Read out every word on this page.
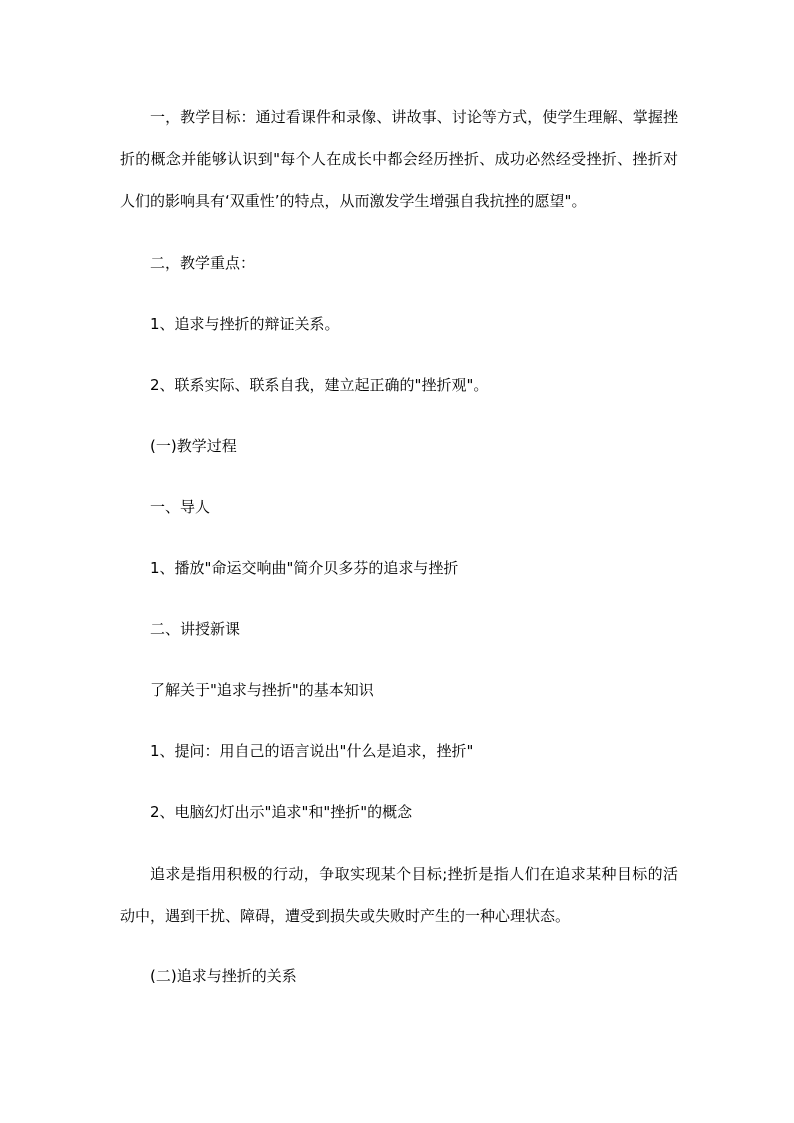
一，教学目标：通过看课件和录像、讲故事、讨论等方式，使学生理解、掌握挫折的概念并能够认识到"每个人在成长中都会经历挫折、成功必然经受挫折、挫折对人们的影响具有‘双重性’的特点，从而激发学生增强自我抗挫的愿望"。

二，教学重点：

1、追求与挫折的辩证关系。

2、联系实际、联系自我，建立起正确的"挫折观"。

(一)教学过程

一、导人

1、播放"命运交响曲"简介贝多芬的追求与挫折

二、讲授新课

了解关于"追求与挫折"的基本知识

1、提问：用自己的语言说出"什么是追求，挫折"

2、电脑幻灯出示"追求"和"挫折"的概念

追求是指用积极的行动，争取实现某个目标;挫折是指人们在追求某种目标的活动中，遇到干扰、障碍，遭受到损失或失败时产生的一种心理状态。

(二)追求与挫折的关系
